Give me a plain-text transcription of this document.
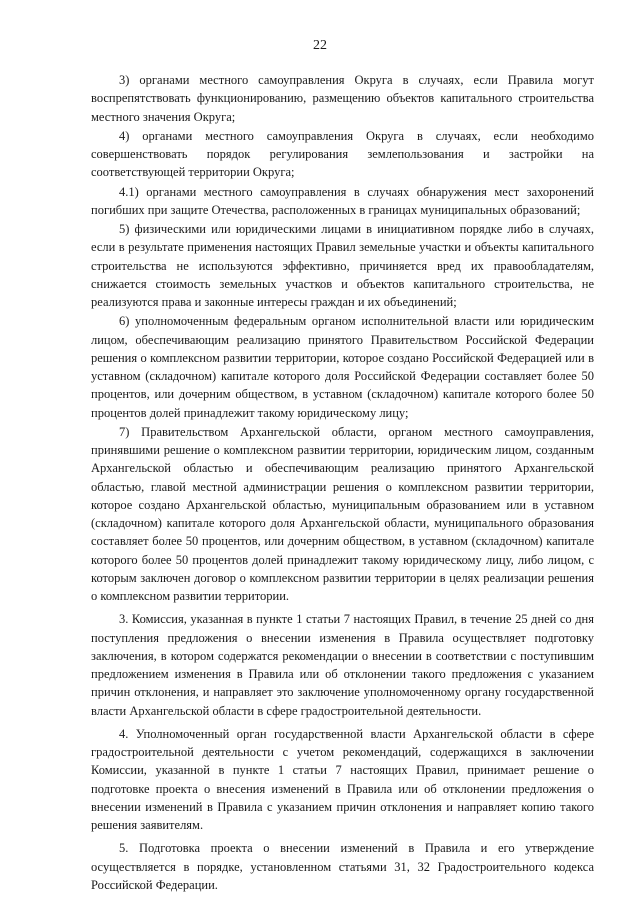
22

3) органами местного самоуправления Округа в случаях, если Правила могут воспрепятствовать функционированию, размещению объектов капитального строительства местного значения Округа;

4) органами местного самоуправления Округа в случаях, если необходимо совершенствовать порядок регулирования землепользования и застройки на соответствующей территории Округа;

4.1) органами местного самоуправления в случаях обнаружения мест захоронений погибших при защите Отечества, расположенных в границах муниципальных образований;

5) физическими или юридическими лицами в инициативном порядке либо в случаях, если в результате применения настоящих Правил земельные участки и объекты капитального строительства не используются эффективно, причиняется вред их правообладателям, снижается стоимость земельных участков и объектов капитального строительства, не реализуются права и законные интересы граждан и их объединений;

6) уполномоченным федеральным органом исполнительной власти или юридическим лицом, обеспечивающим реализацию принятого Правительством Российской Федерации решения о комплексном развитии территории, которое создано Российской Федерацией или в уставном (складочном) капитале которого доля Российской Федерации составляет более 50 процентов, или дочерним обществом, в уставном (складочном) капитале которого более 50 процентов долей принадлежит такому юридическому лицу;

7) Правительством Архангельской области, органом местного самоуправления, принявшими решение о комплексном развитии территории, юридическим лицом, созданным Архангельской областью и обеспечивающим реализацию принятого Архангельской областью, главой местной администрации решения о комплексном развитии территории, которое создано Архангельской областью, муниципальным образованием или в уставном (складочном) капитале которого доля Архангельской области, муниципального образования составляет более 50 процентов, или дочерним обществом, в уставном (складочном) капитале которого более 50 процентов долей принадлежит такому юридическому лицу, либо лицом, с которым заключен договор о комплексном развитии территории в целях реализации решения о комплексном развитии территории.

3. Комиссия, указанная в пункте 1 статьи 7 настоящих Правил, в течение 25 дней со дня поступления предложения о внесении изменения в Правила осуществляет подготовку заключения, в котором содержатся рекомендации о внесении в соответствии с поступившим предложением изменения в Правила или об отклонении такого предложения с указанием причин отклонения, и направляет это заключение уполномоченному органу государственной власти Архангельской области в сфере градостроительной деятельности.

4. Уполномоченный орган государственной власти Архангельской области в сфере градостроительной деятельности с учетом рекомендаций, содержащихся в заключении Комиссии, указанной в пункте 1 статьи 7 настоящих Правил, принимает решение о подготовке проекта о внесения изменений в Правила или об отклонении предложения о внесении изменений в Правила с указанием причин отклонения и направляет копию такого решения заявителям.

5. Подготовка проекта о внесении изменений в Правила и его утверждение осуществляется в порядке, установленном статьями 31, 32 Градостроительного кодекса Российской Федерации.
